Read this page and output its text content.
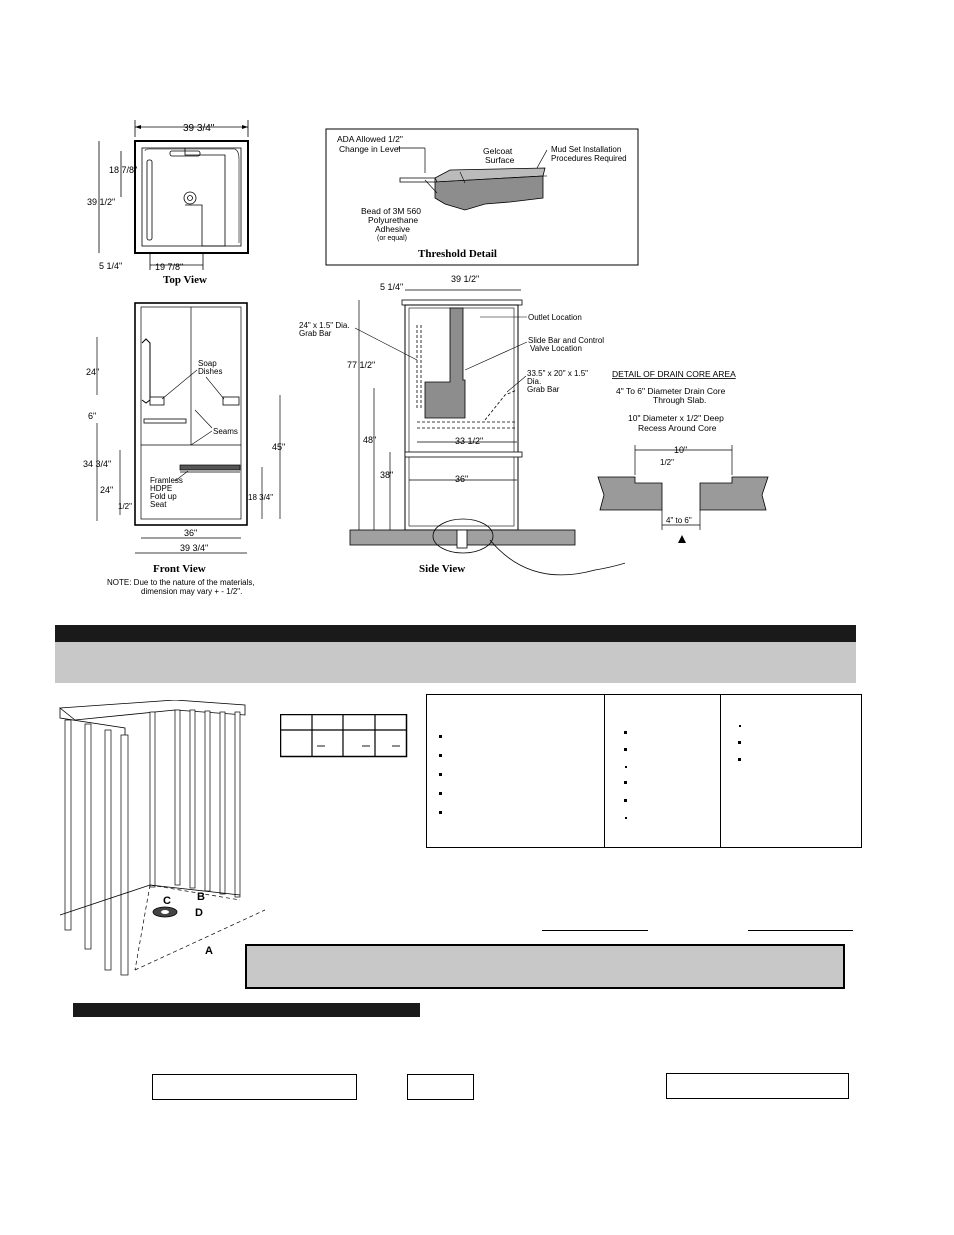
39 3/4"
18 7/8"
39 1/2"
5 1/4"	19 7/8"
Top View
ADA Allowed 1/2"
Change in Level	Gelcoat
Surface
Mud Set Installation
Procedures Required
Bead of 3M 560
Polyurethane
Adhesive
(or equal)
Threshold Detail
Soap
Dishes
Seams
Framless
HDPE
Fold up
Seat
24"
6"
34 3/4"
24"
1/2"
45"
18 3/4"
36"
39 3/4"
Front View
NOTE: Due to the nature of the materials,
dimension may vary + - 1/2".
5 1/4"
39 1/2"
24" x 1.5" Dia.
Grab Bar
Outlet Location
Slide Bar and Control
Valve Location
33.5" x 20" x 1.5"
Dia.
Grab Bar
77 1/2"
48"
38"
33 1/2"
36"
Side View
DETAIL OF DRAIN CORE AREA
4" To 6" Diameter Drain Core
Through Slab.
10" Diameter x 1/2" Deep
Recess Around Core
10"
1/2"
4" to 6"
C B
D
A
